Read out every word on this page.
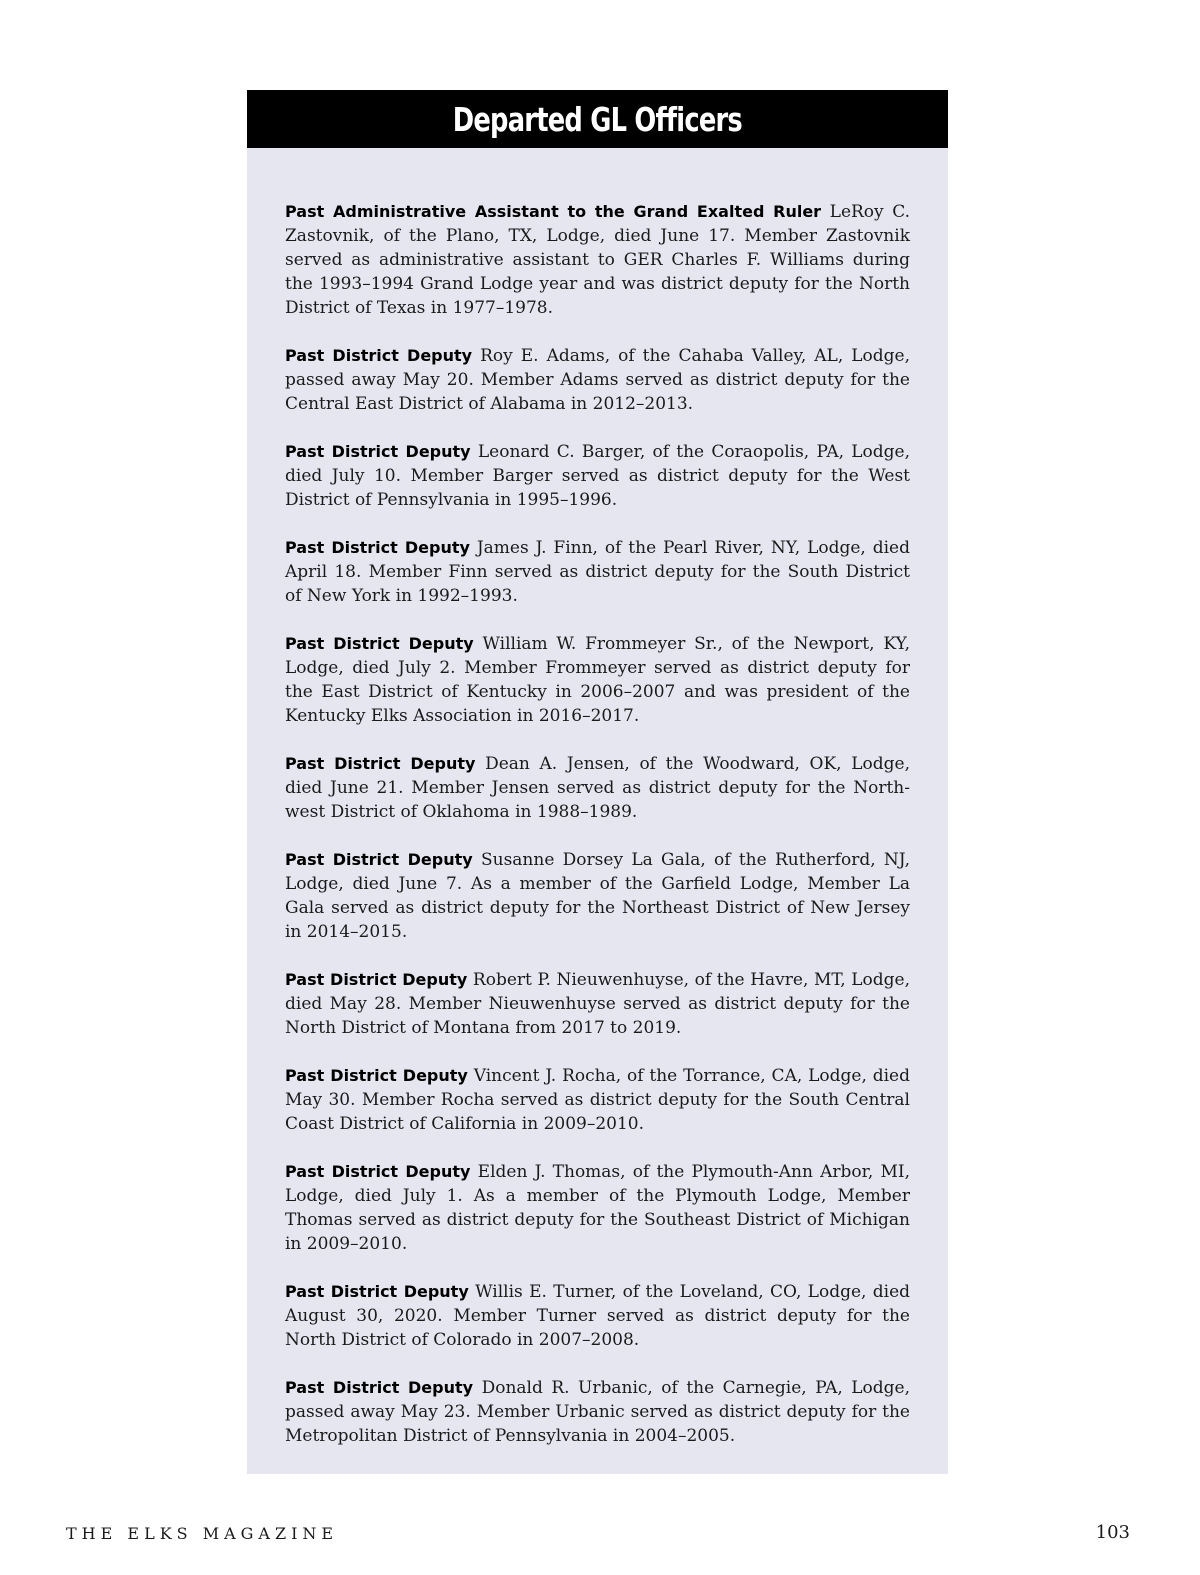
Departed GL Officers

Past Administrative Assistant to the Grand Exalted Ruler LeRoy C. Zastovnik, of the Plano, TX, Lodge, died June 17. Member Zastovnik served as administrative assistant to GER Charles F. Williams during the 1993–1994 Grand Lodge year and was district deputy for the North District of Texas in 1977–1978.

Past District Deputy Roy E. Adams, of the Cahaba Valley, AL, Lodge, passed away May 20. Member Adams served as district deputy for the Central East District of Alabama in 2012–2013.

Past District Deputy Leonard C. Barger, of the Coraopolis, PA, Lodge, died July 10. Member Barger served as district deputy for the West District of Pennsylvania in 1995–1996.

Past District Deputy James J. Finn, of the Pearl River, NY, Lodge, died April 18. Member Finn served as district deputy for the South District of New York in 1992–1993.

Past District Deputy William W. Frommeyer Sr., of the Newport, KY, Lodge, died July 2. Member Frommeyer served as district deputy for the East District of Kentucky in 2006–2007 and was president of the Kentucky Elks Association in 2016–2017.

Past District Deputy Dean A. Jensen, of the Woodward, OK, Lodge, died June 21. Member Jensen served as district deputy for the North-west District of Oklahoma in 1988–1989.

Past District Deputy Susanne Dorsey La Gala, of the Rutherford, NJ, Lodge, died June 7. As a member of the Garfield Lodge, Member La Gala served as district deputy for the Northeast District of New Jersey in 2014–2015.

Past District Deputy Robert P. Nieuwenhuyse, of the Havre, MT, Lodge, died May 28. Member Nieuwenhuyse served as district deputy for the North District of Montana from 2017 to 2019.

Past District Deputy Vincent J. Rocha, of the Torrance, CA, Lodge, died May 30. Member Rocha served as district deputy for the South Central Coast District of California in 2009–2010.

Past District Deputy Elden J. Thomas, of the Plymouth-Ann Arbor, MI, Lodge, died July 1. As a member of the Plymouth Lodge, Member Thomas served as district deputy for the Southeast District of Michigan in 2009–2010.

Past District Deputy Willis E. Turner, of the Loveland, CO, Lodge, died August 30, 2020. Member Turner served as district deputy for the North District of Colorado in 2007–2008.

Past District Deputy Donald R. Urbanic, of the Carnegie, PA, Lodge, passed away May 23. Member Urbanic served as district deputy for the Metropolitan District of Pennsylvania in 2004–2005.

THE ELKS MAGAZINE	103
